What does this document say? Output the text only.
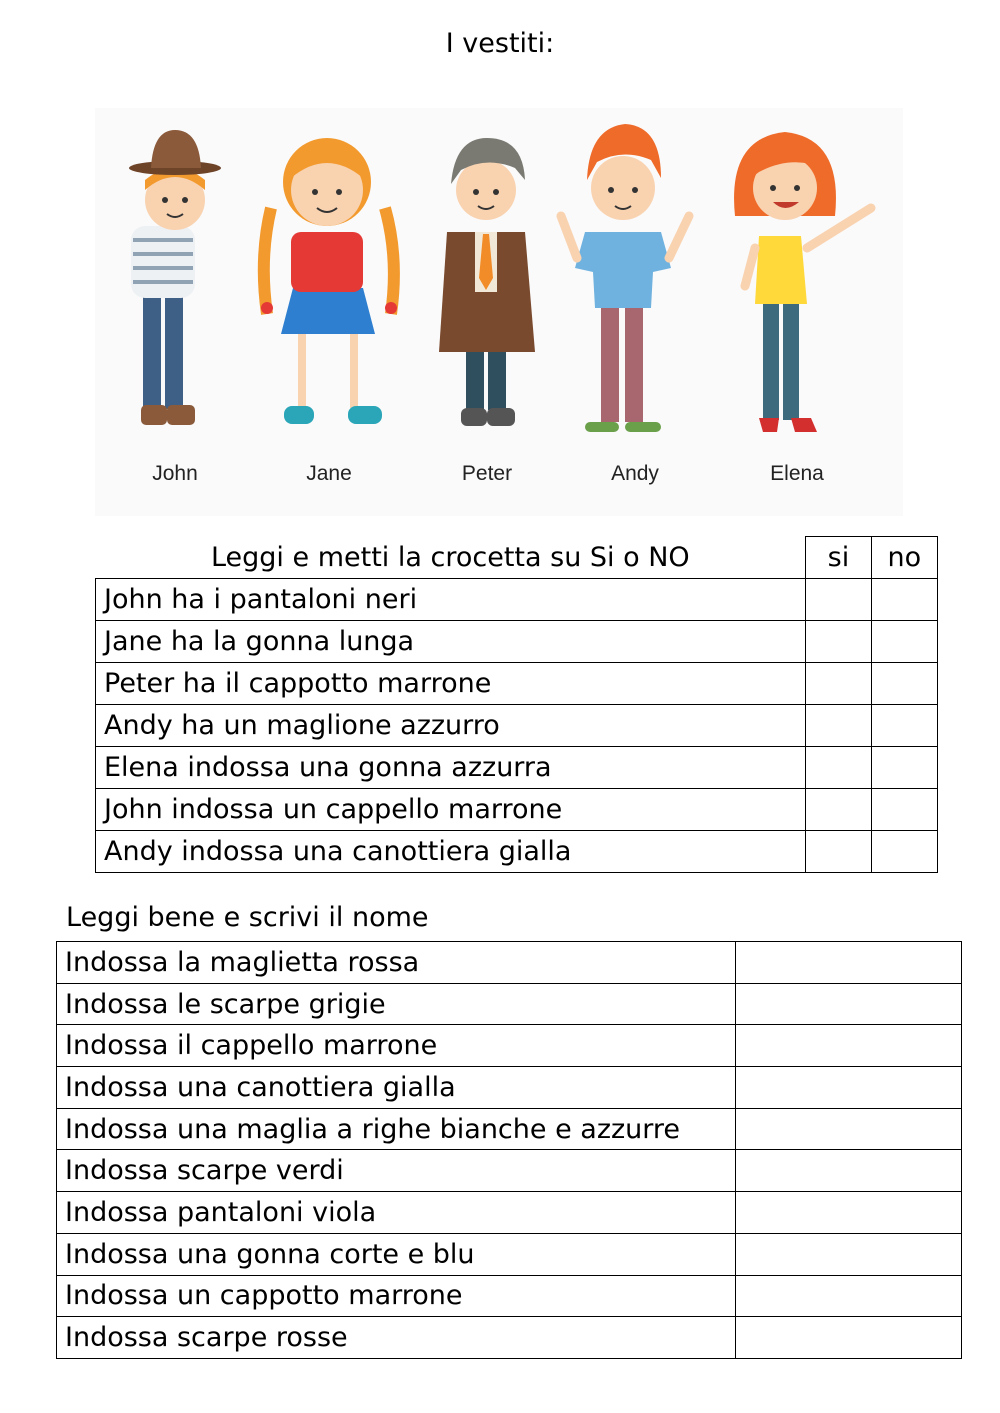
I vestiti:
John	Jane	Peter	Andy	Elena
Leggi e metti la crocetta su Si o NO	si	no
John ha i pantaloni neri		
Jane ha la gonna lunga		
Peter ha il cappotto marrone		
Andy ha un maglione azzurro		
Elena indossa una gonna azzurra		
John indossa un cappello marrone		
Andy indossa una canottiera gialla		
Leggi bene e scrivi il nome
Indossa la maglietta rossa	
Indossa le scarpe grigie	
Indossa il cappello marrone	
Indossa una canottiera gialla	
Indossa una maglia a righe bianche e azzurre	
Indossa scarpe verdi	
Indossa pantaloni viola	
Indossa una gonna corte e blu	
Indossa un cappotto marrone	
Indossa scarpe rosse	
